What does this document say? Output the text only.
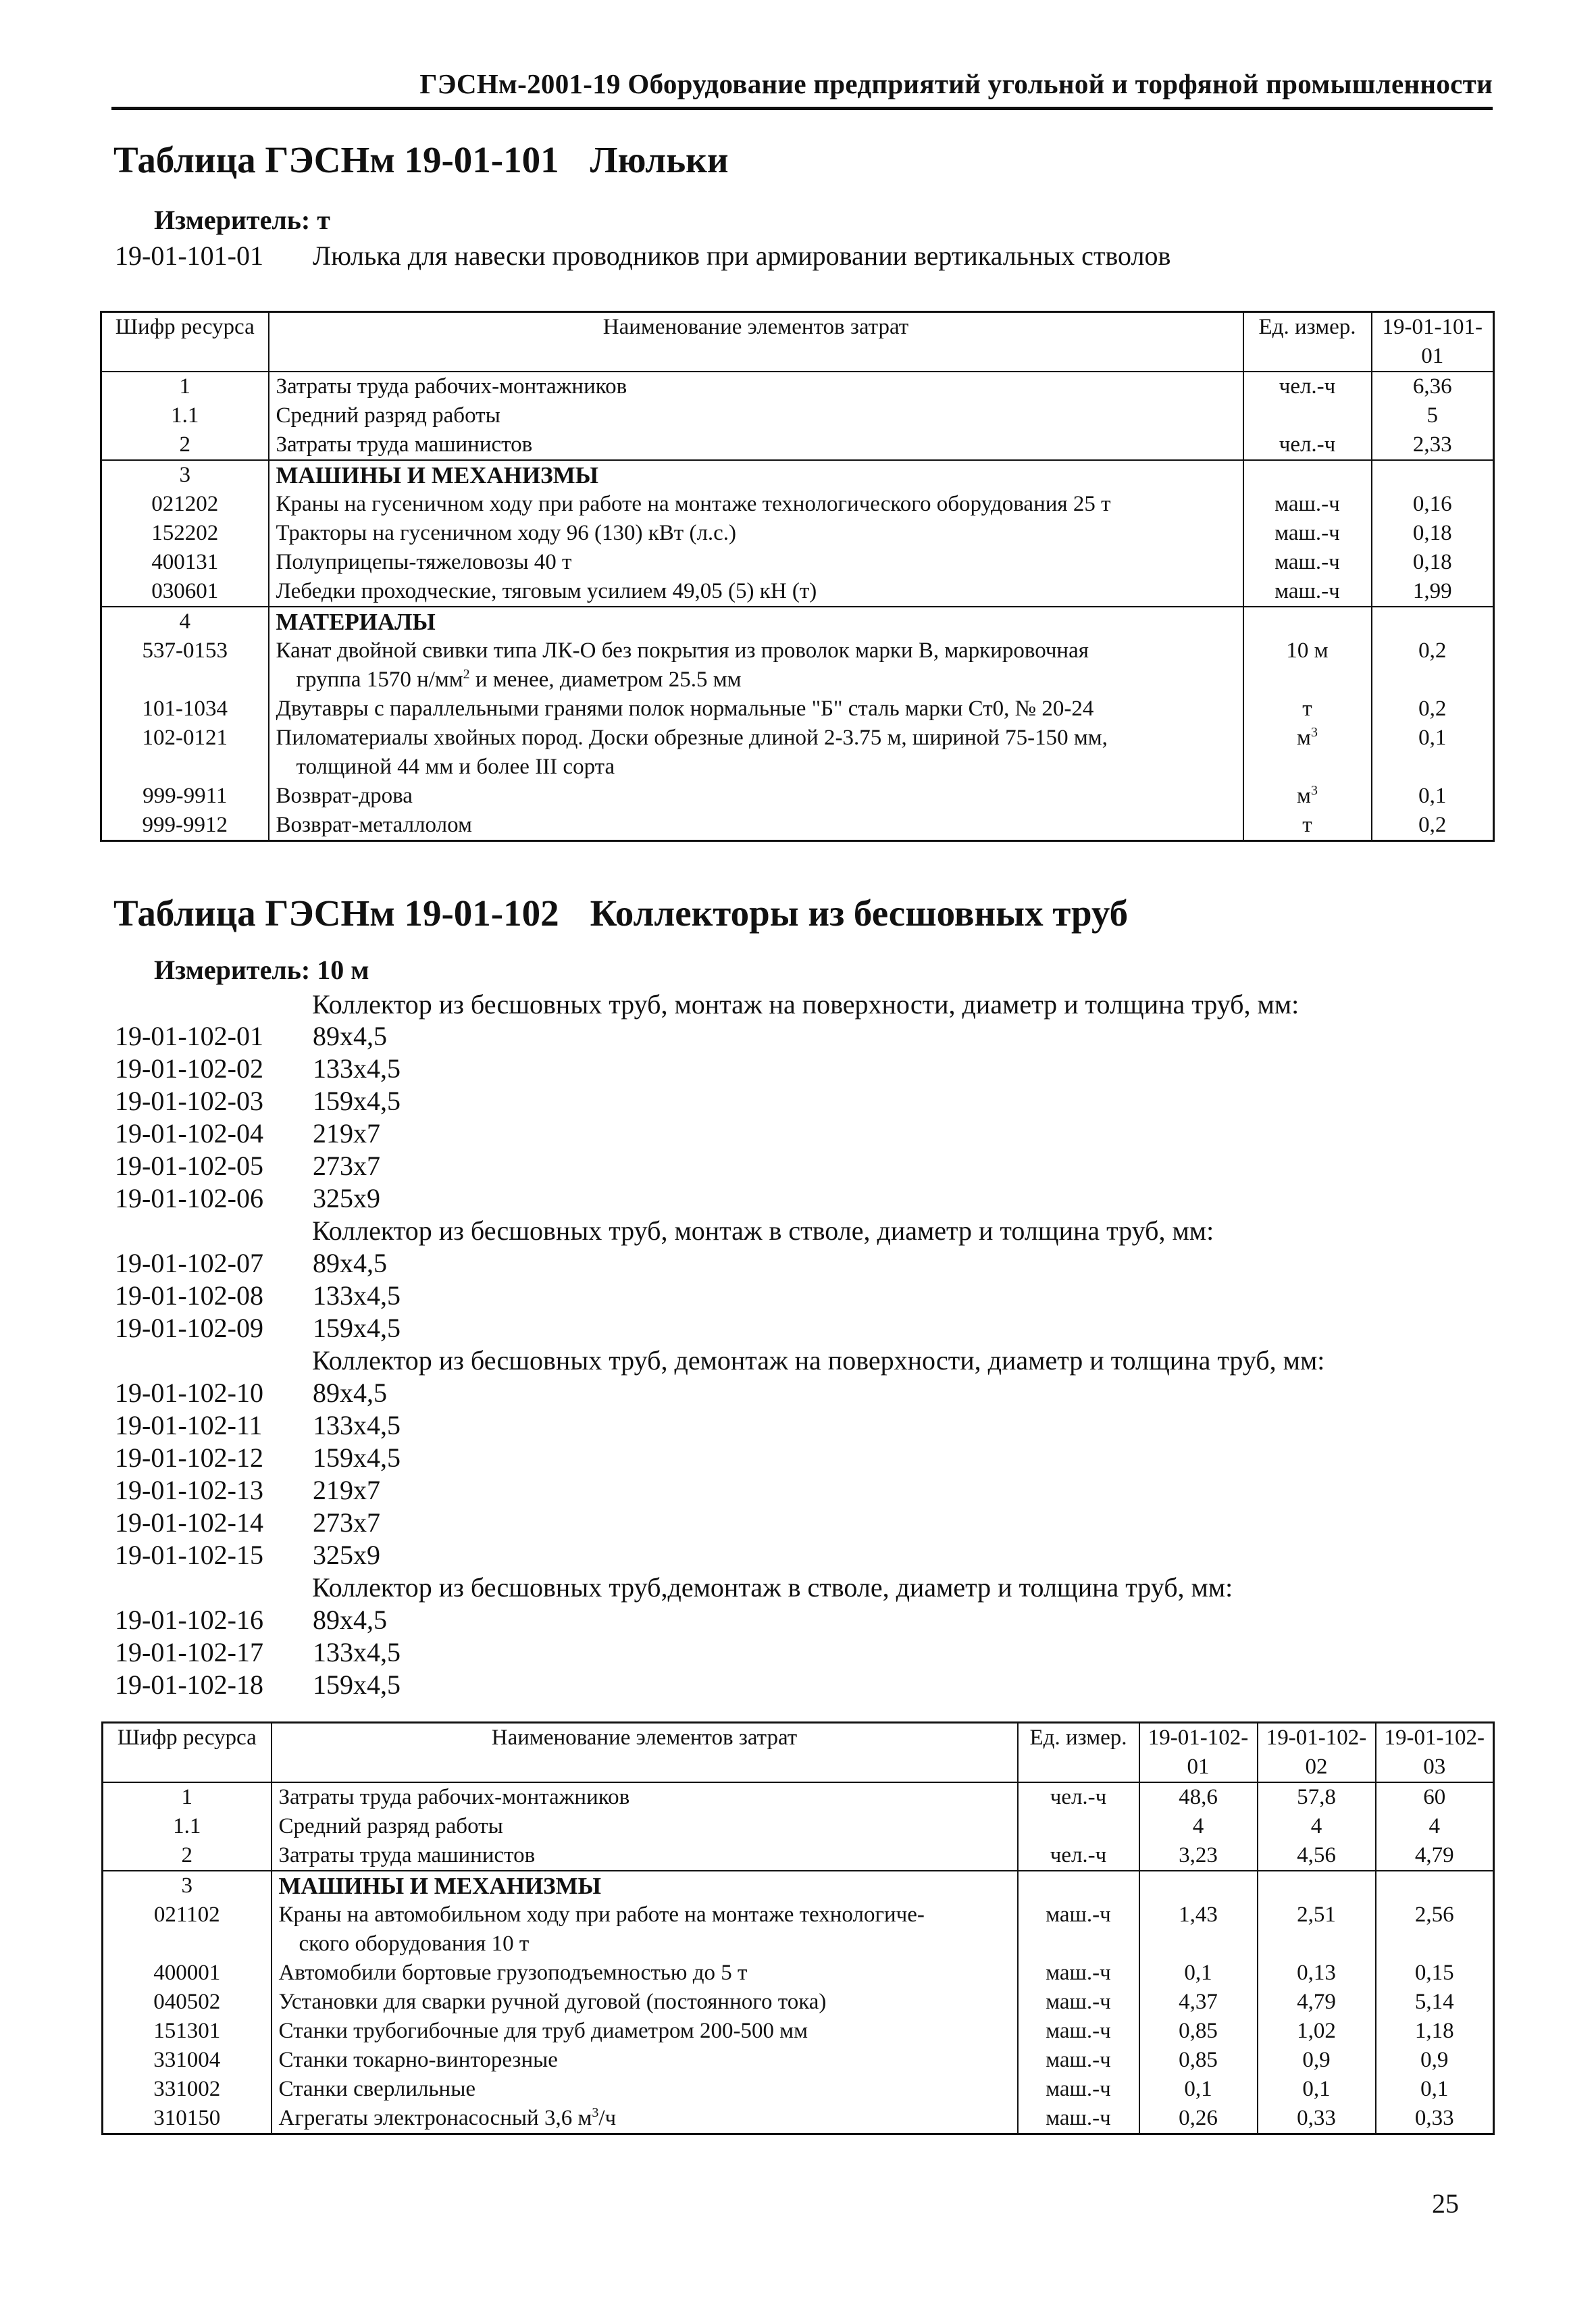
ГЭСНм-2001-19 Оборудование предприятий угольной и торфяной промышленности
Таблица ГЭСНм 19-01-101 Люльки
Измеритель: т
19-01-101-01 Люлька для навески проводников при армировании вертикальных стволов
Шифр ресурса	Наименование элементов затрат	Ед. измер.	19-01-101-01
1	Затраты труда рабочих-монтажников	чел.-ч	6,36
1.1	Средний разряд работы		5
2	Затраты труда машинистов	чел.-ч	2,33
3	МАШИНЫ И МЕХАНИЗМЫ		
021202	Краны на гусеничном ходу при работе на монтаже технологического оборудования 25 т	маш.-ч	0,16
152202	Тракторы на гусеничном ходу 96 (130) кВт (л.с.)	маш.-ч	0,18
400131	Полуприцепы-тяжеловозы 40 т	маш.-ч	0,18
030601	Лебедки проходческие, тяговым усилием 49,05 (5) кН (т)	маш.-ч	1,99
4	МАТЕРИАЛЫ		
537-0153	Канат двойной свивки типа ЛК-О без покрытия из проволок марки В, маркировочная
группа 1570 $н/мм^2$ и менее, диаметром 25.5 мм	10 м	0,2
101-1034	Двутавры с параллельными гранями полок нормальные "Б" сталь марки Ст0, № 20-24	т	0,2
102-0121	Пиломатериалы хвойных пород. Доски обрезные длиной 2-3.75 м, шириной 75-150 мм,
толщиной 44 мм и более III сорта	$м^3$	0,1
999-9911	Возврат-дрова	$м^3$	0,1
999-9912	Возврат-металлолом	т	0,2
Таблица ГЭСНм 19-01-102 Коллекторы из бесшовных труб
Измеритель: 10 м
Коллектор из бесшовных труб, монтаж на поверхности, диаметр и толщина труб, мм:
19-01-102-01 89x4,5
19-01-102-02 133x4,5
19-01-102-03 159x4,5
19-01-102-04 219x7
19-01-102-05 273x7
19-01-102-06 325x9
Коллектор из бесшовных труб, монтаж в стволе, диаметр и толщина труб, мм:
19-01-102-07 89x4,5
19-01-102-08 133x4,5
19-01-102-09 159x4,5
Коллектор из бесшовных труб, демонтаж на поверхности, диаметр и толщина труб, мм:
19-01-102-10 89x4,5
19-01-102-11 133x4,5
19-01-102-12 159x4,5
19-01-102-13 219x7
19-01-102-14 273x7
19-01-102-15 325x9
Коллектор из бесшовных труб,демонтаж в стволе, диаметр и толщина труб, мм:
19-01-102-16 89x4,5
19-01-102-17 133x4,5
19-01-102-18 159x4,5
Шифр ресурса	Наименование элементов затрат	Ед. измер.	19-01-102-01	19-01-102-02	19-01-102-03
1	Затраты труда рабочих-монтажников	чел.-ч	48,6	57,8	60
1.1	Средний разряд работы		4	4	4
2	Затраты труда машинистов	чел.-ч	3,23	4,56	4,79
3	МАШИНЫ И МЕХАНИЗМЫ				
021102	Краны на автомобильном ходу при работе на монтаже технологиче-
ского оборудования 10 т	маш.-ч	1,43	2,51	2,56
400001	Автомобили бортовые грузоподъемностью до 5 т	маш.-ч	0,1	0,13	0,15
040502	Установки для сварки ручной дуговой (постоянного тока)	маш.-ч	4,37	4,79	5,14
151301	Станки трубогибочные для труб диаметром 200-500 мм	маш.-ч	0,85	1,02	1,18
331004	Станки токарно-винторезные	маш.-ч	0,85	0,9	0,9
331002	Станки сверлильные	маш.-ч	0,1	0,1	0,1
310150	Агрегаты электронасосный 3,6 $м^3/ч$	маш.-ч	0,26	0,33	0,33
25
